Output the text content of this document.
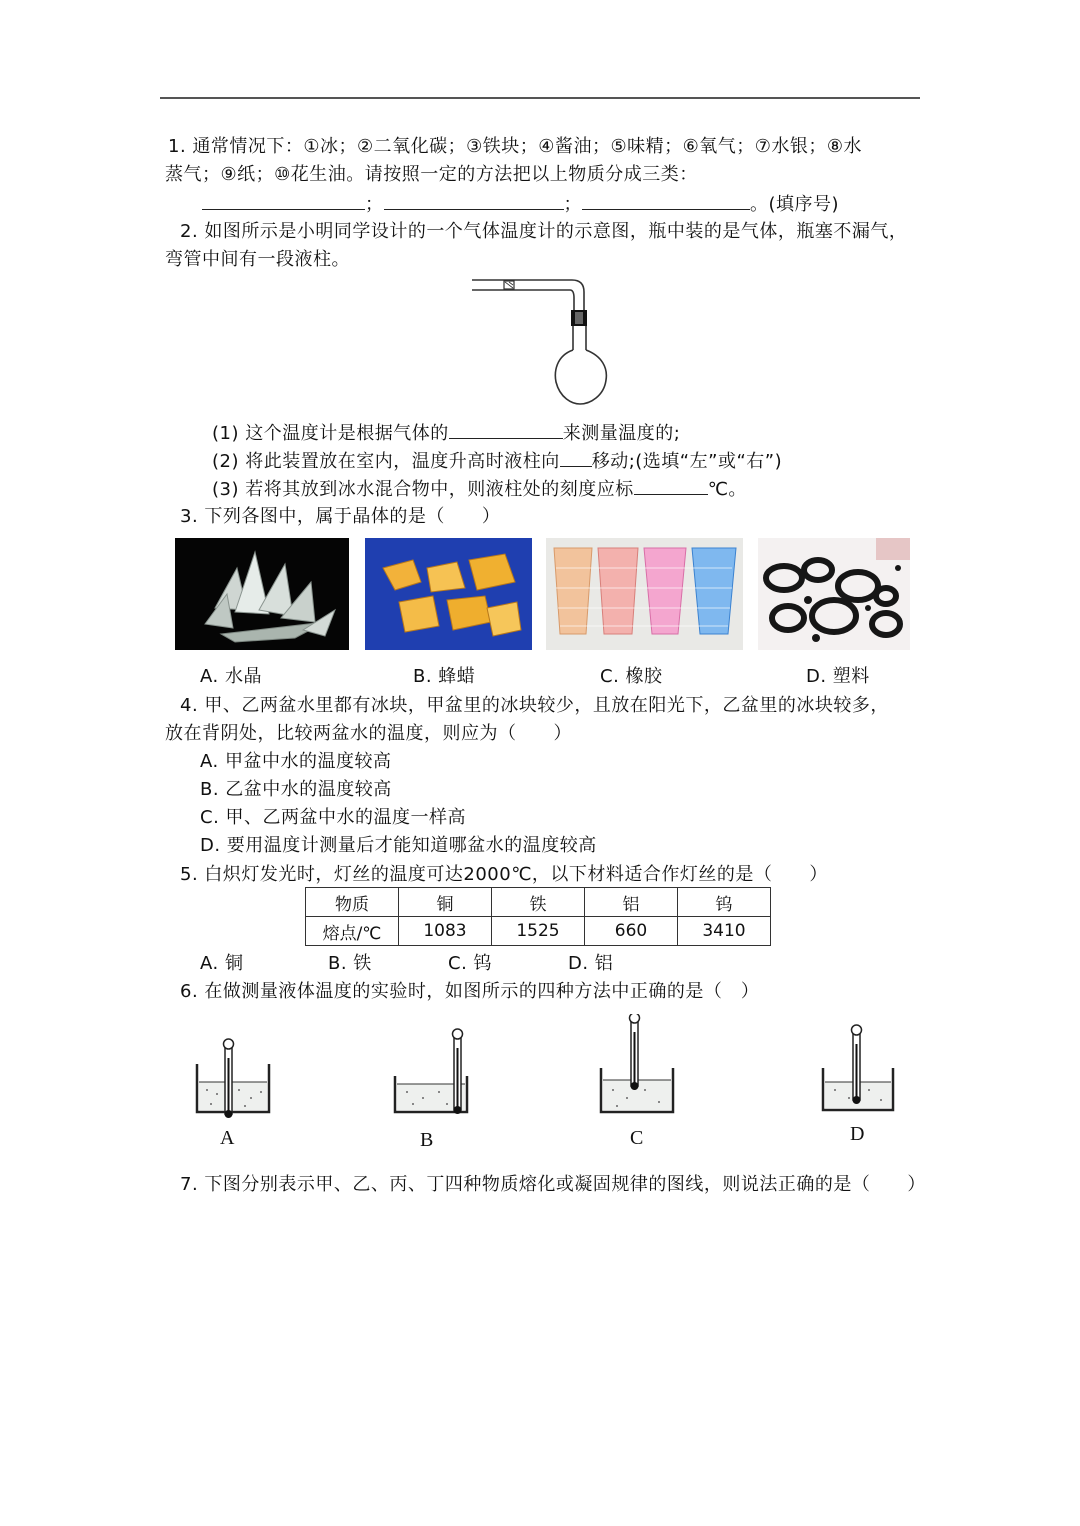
1. 通常情况下：①冰；②二氧化碳；③铁块；④酱油；⑤味精；⑥氧气；⑦水银；⑧水
蒸气；⑨纸；⑩花生油。请按照一定的方法把以上物质分成三类：
；	；	。(填序号)
2. 如图所示是小明同学设计的一个气体温度计的示意图，瓶中装的是气体，瓶塞不漏气，
弯管中间有一段液柱。
(1) 这个温度计是根据气体的	来测量温度的;
(2) 将此装置放在室内，温度升高时液柱向 移动;(选填“左”或“右”)
(3) 若将其放到冰水混合物中，则液柱处的刻度应标	℃。
3. 下列各图中，属于晶体的是（　　）
A. 水晶	B. 蜂蜡	C. 橡胶	D. 塑料
4. 甲、乙两盆水里都有冰块，甲盆里的冰块较少，且放在阳光下，乙盆里的冰块较多，
放在背阴处，比较两盆水的温度，则应为（　　）
A. 甲盆中水的温度较高
B. 乙盆中水的温度较高
C. 甲、乙两盆中水的温度一样高
D. 要用温度计测量后才能知道哪盆水的温度较高
5. 白炽灯发光时，灯丝的温度可达2000℃，以下材料适合作灯丝的是（　　）
物质	铜	铁	铝	钨
熔点/℃	1083	1525	660	3410
A. 铜	B. 铁	C. 钨	D. 铝
6. 在做测量液体温度的实验时，如图所示的四种方法中正确的是（　）
A	B	C	D
7. 下图分别表示甲、乙、丙、丁四种物质熔化或凝固规律的图线，则说法正确的是（　　）
